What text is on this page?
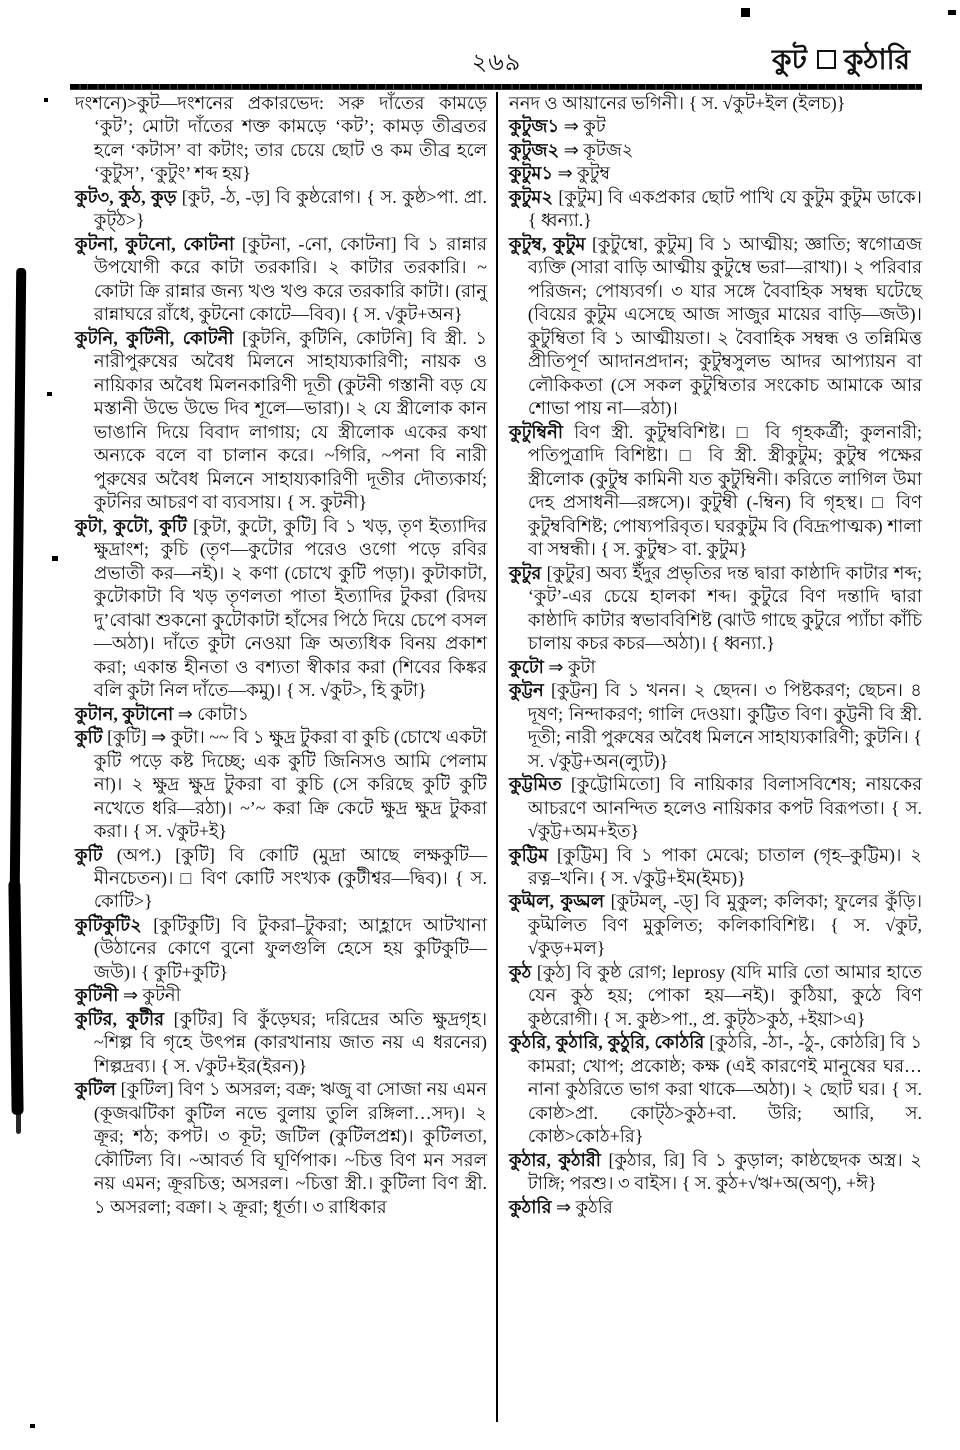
২৬৯	কুট কুঠারি

দংশনে)>কুট—দংশনের প্রকারভেদ: সরু দাঁতের কামড়ে ‘কুট’; মোটা দাঁতের শক্ত কামড়ে ‘কট’; কামড় তীব্রতর হলে ‘কটাস’ বা কটাং; তার চেয়ে ছোট ও কম তীব্র হলে ‘কুটুস’, ‘কুটুং’ শব্দ হয়}

কুট৩, কুঠ, কুড় [কুট, -ঠ, -ড়] বি কুষ্ঠরোগ। { স. কুষ্ঠ>পা. প্রা. কুট্ঠ>}

কুটনা, কুটনো, কোটনা [কুটনা, -নো, কোটনা] বি ১ রান্নার উপযোগী করে কাটা তরকারি। ২ কাটার তরকারি। ~ কোটা ক্রি রান্নার জন্য খণ্ড খণ্ড করে তরকারি কাটা। (রানু রান্নাঘরে রাঁধে, কুটনো কোটে—বিব)। { স. √কুট+অন}

কুটনি, কুটিনী, কোটনী [কুটনি, কুটিনি, কোটনি] বি স্ত্রী. ১ নারীপুরুষের অবৈধ মিলনে সাহায্যকারিণী; নায়ক ও নায়িকার অবৈধ মিলনকারিণী দূতী (কুটনী গস্তানী বড় যে মস্তানী উভে উভে দিব শূলে—ভারা)। ২ যে স্ত্রীলোক কান ভাঙানি দিয়ে বিবাদ লাগায়; যে স্ত্রীলোক একের কথা অন্যকে বলে বা চালান করে। ~গিরি, ~পনা বি নারী পুরুষের অবৈধ মিলনে সাহায্যকারিণী দূতীর দৌত্যকার্য; কুটনির আচরণ বা ব্যবসায়। { স. কুটনী}

কুটা, কুটো, কুটি [কুটা, কুটো, কুটি] বি ১ খড়, তৃণ ইত্যাদির ক্ষুদ্রাংশ; কুচি (তৃণ—কুটোর পরেও ওগো পড়ে রবির প্রভাতী কর—নই)। ২ কণা (চোখে কুটি পড়া)। কুটাকাটা, কুটোকাটা বি খড় তৃণলতা পাতা ইত্যাদির টুকরা (রিদয় দু’বোঝা শুকনো কুটোকাটা হাঁসের পিঠে দিয়ে চেপে বসল—অঠা)। দাঁতে কুটা নেওয়া ক্রি অত্যধিক বিনয় প্রকাশ করা; একান্ত হীনতা ও বশ্যতা স্বীকার করা (শিবের কিঙ্কর বলি কুটা নিল দাঁতে—কমু)। { স. √কুট>, হি কুটা}

কুটান, কুটানো ⇒ কোটা১

কুটি [কুটি] ⇒ কুটা। ~~ বি ১ ক্ষুদ্র টুকরা বা কুচি (চোখে একটা কুটি পড়ে কষ্ট দিচ্ছে; এক কুটি জিনিসও আমি পেলাম না)। ২ ক্ষুদ্র ক্ষুদ্র টুকরা বা কুচি (সে করিছে কুটি কুটি নখেতে ধরি—রঠা)। ~’~ করা ক্রি কেটে ক্ষুদ্র ক্ষুদ্র টুকরা করা। { স. √কুট+ই}

কুটি (অপ.) [কুটি] বি কোটি (মুদ্রা আছে লক্ষকুটি—মীনচেতন)। □ বিণ কোটি সংখ্যক (কুটীশ্বর—দ্বিব)। { স. কোটি>}

কুটিকুটি২ [কুটিকুটি] বি টুকরা–টুকরা; আহ্লাদে আটখানা (উঠানের কোণে বুনো ফুলগুলি হেসে হয় কুটিকুটি—জউ)। { কুটি+কুটি}

কুটিনী ⇒ কুটনী

কুটির, কুটীর [কুটির] বি কুঁড়েঘর; দরিদ্রের অতি ক্ষুদ্রগৃহ। ~শিল্প বি গৃহে উৎপন্ন (কারখানায় জাত নয় এ ধরনের) শিল্পদ্রব্য। { স. √কুট+ইর(ইরন)}

কুটিল [কুটিল] বিণ ১ অসরল; বক্র; ঋজু বা সোজা নয় এমন (কূজঝটিকা কুটিল নভে বুলায় তুলি রঙ্গিলা…সদ)। ২ ক্রূর; শঠ; কপট। ৩ কূট; জটিল (কুটিলপ্রশ্ন)। কুটিলতা, কৌটিল্য বি। ~আবর্ত বি ঘূর্ণিপাক। ~চিত্ত বিণ মন সরল নয় এমন; ক্রূরচিত্ত; অসরল। ~চিত্তা স্ত্রী.। কুটিলা বিণ স্ত্রী. ১ অসরলা; বক্রা। ২ ক্রূরা; ধূর্তা। ৩ রাধিকার

ননদ ও আয়ানের ভগিনী। { স. √কুট+ইল (ইলচ)}

কুটুজ১ ⇒ কুট

কুটুজ২ ⇒ কূটজ২

কুটুম১ ⇒ কুটুম্ব

কুটুম২ [কুটুম] বি একপ্রকার ছোট পাখি যে কুটুম কুটুম ডাকে। { ধ্বন্যা.}

কুটুম্ব, কুটুম [কুটুম্বো, কুটুম] বি ১ আত্মীয়; জ্ঞাতি; স্বগোত্রজ ব্যক্তি (সারা বাড়ি আত্মীয় কুটুম্বে ভরা—রাখা)। ২ পরিবার পরিজন; পোষ্যবর্গ। ৩ যার সঙ্গে বৈবাহিক সম্বন্ধ ঘটেছে (বিয়ের কুটুম এসেছে আজ সাজুর মায়ের বাড়ি—জউ)। কুটুম্বিতা বি ১ আত্মীয়তা। ২ বৈবাহিক সম্বন্ধ ও তন্নিমিত্ত প্রীতিপূর্ণ আদানপ্রদান; কুটুম্বসুলভ আদর আপ্যায়ন বা লৌকিকতা (সে সকল কুটুম্বিতার সংকোচ আমাকে আর শোভা পায় না—রঠা)।

কুটুম্বিনী বিণ স্ত্রী. কুটুম্ববিশিষ্ট। □ বি গৃহকর্ত্রী; কুলনারী; পতিপুত্রাদি বিশিষ্টা। □ বি স্ত্রী. স্ত্রীকুটুম; কুটুম্ব পক্ষের স্ত্রীলোক (কুটুম্ব কামিনী যত কুটুম্বিনী। করিতে লাগিল উমা দেহ প্রসাধনী—রঙ্গসে)। কুটুম্বী (-ম্বিন) বি গৃহস্থ। □ বিণ কুটুম্ববিশিষ্ট; পোষ্যপরিবৃত। ঘরকুটুম বি (বিদ্রূপাত্মক) শালা বা সম্বন্ধী। { স. কুটুম্ব> বা. কুটুম}

কুটুর [কুটুর] অব্য ইঁদুর প্রভৃতির দন্ত দ্বারা কাষ্ঠাদি কাটার শব্দ; ‘কুট’-এর চেয়ে হালকা শব্দ। কুটুরে বিণ দন্তাদি দ্বারা কাষ্ঠাদি কাটার স্বভাববিশিষ্ট (ঝাউ গাছে কুটুরে প্যাঁচা কাঁচি চালায় কচর কচর—অঠা)। { ধ্বন্যা.}

কুটো ⇒ কুটা

কুট্টন [কুট্টন] বি ১ খনন। ২ ছেদন। ৩ পিষ্টকরণ; ছেচন। ৪ দূষণ; নিন্দাকরণ; গালি দেওয়া। কুট্টিত বিণ। কুট্টনী বি স্ত্রী. দূতী; নারী পুরুষের অবৈধ মিলনে সাহায্যকারিণী; কুটনি। { স. √কুট্ট+অন(ল্যুট)}

কুট্টমিত [কুট্টোমিতো] বি নায়িকার বিলাসবিশেষ; নায়কের আচরণে আনন্দিত হলেও নায়িকার কপট বিরূপতা। { স. √কুট্ট+অম+ইত}

কুট্টিম [কুট্টিম] বি ১ পাকা মেঝে; চাতাল (গৃহ–কুট্টিম)। ২ রত্ন–খনি। { স. √কুট্ট+ইম(ইমচ)}

কুট্মল, কুড্মল [কুটমল্, -ড্] বি মুকুল; কলিকা; ফুলের কুঁড়ি। কুট্মলিত বিণ মুকুলিত; কলিকাবিশিষ্ট। { স. √কুট, √কুড়+মল}

কুঠ [কুঠ] বি কুষ্ঠ রোগ; leprosy (যদি মারি তো আমার হাতে যেন কুঠ হয়; পোকা হয়—নই)। কুঠিয়া, কুঠে বিণ কুষ্ঠরোগী। { স. কুষ্ঠ>পা., প্র. কুট্ঠ>কুঠ, +ইয়া>এ}

কুঠরি, কুঠারি, কুঠুরি, কোঠরি [কুঠরি, -ঠা-, -ঠু-, কোঠরি] বি ১ কামরা; খোপ; প্রকোষ্ঠ; কক্ষ (এই কারণেই মানুষের ঘর…নানা কুঠরিতে ভাগ করা থাকে—অঠা)। ২ ছোট ঘর। { স. কোষ্ঠ>প্রা. কোট্ঠ>কুঠ+বা. উরি; আরি, স. কোষ্ঠ>কোঠ+রি}

কুঠার, কুঠারী [কুঠার, রি] বি ১ কুড়াল; কাষ্ঠছেদক অস্ত্র। ২ টাঙ্গি; পরশু। ৩ বাইস। { স. কুঠ+√ঋ+অ(অণ্), +ঈ}

কুঠারি ⇒ কুঠরি
